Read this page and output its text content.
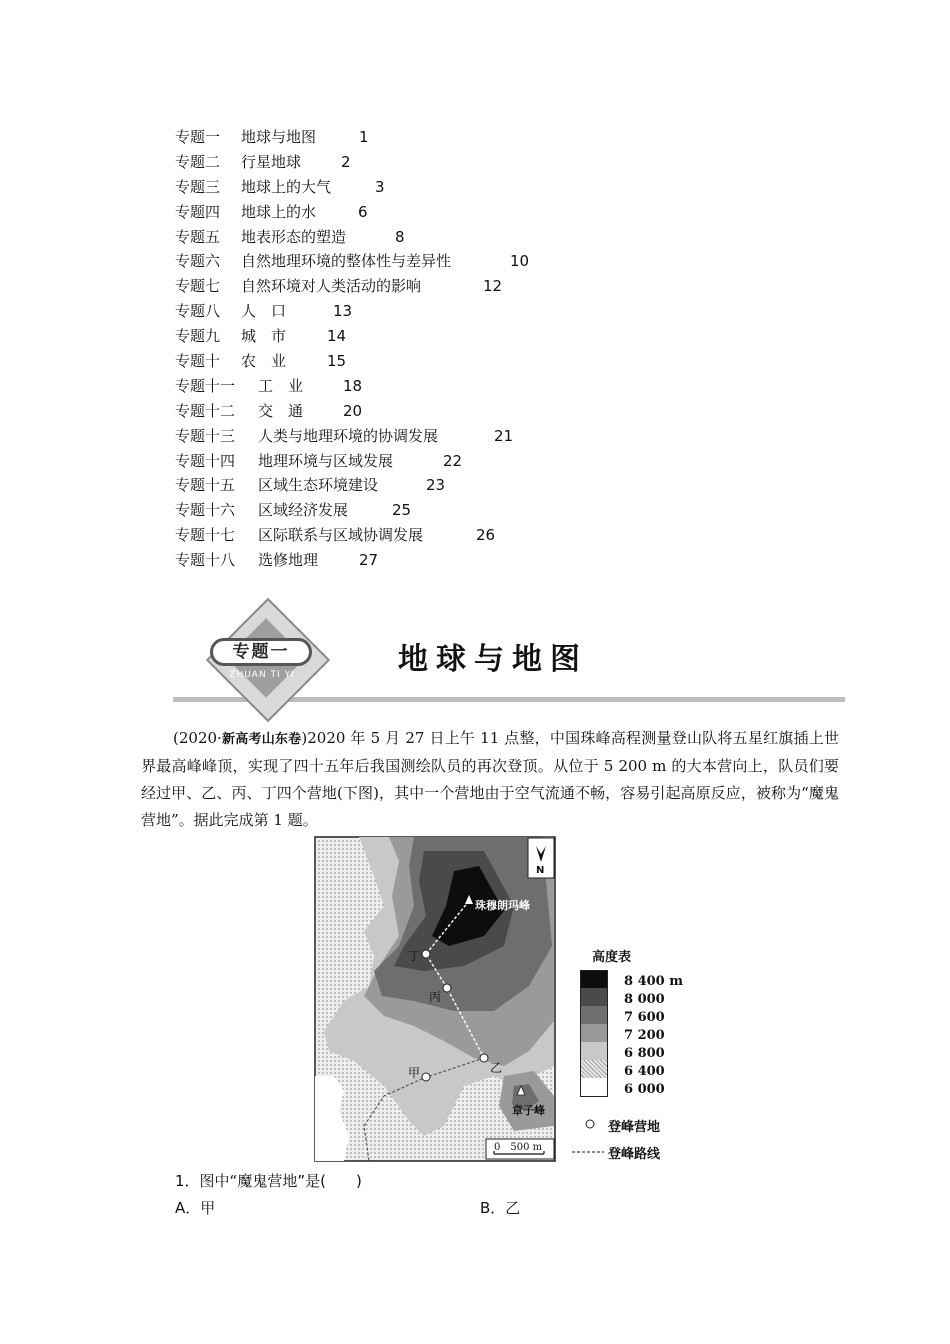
专题一 地球与地图	1
专题二 行星地球	2
专题三 地球上的大气	3
专题四 地球上的水	6
专题五 地表形态的塑造	8
专题六 自然地理环境的整体性与差异性	10
专题七 自然环境对人类活动的影响	12
专题八 人　口	13
专题九 城　市	14
专题十 农　业	15
专题十一 工　业	18
专题十二 交　通	20
专题十三 人类与地理环境的协调发展	21
专题十四 地理环境与区域发展	22
专题十五 区域生态环境建设	23
专题十六 区域经济发展	25
专题十七 区际联系与区域协调发展	26
专题十八 选修地理	27
专题一
ZHUAN TI YI	地球与地图
(2020·新高考山东卷)2020 年 5 月 27 日上午 11 点整，中国珠峰高程测量登山队将五星红旗插上世界最高峰峰顶，实现了四十五年后我国测绘队员的再次登顶。从位于 5 200 m 的大本营向上，队员们要经过甲、乙、丙、丁四个营地(下图)，其中一个营地由于空气流通不畅，容易引起高原反应，被称为“魔鬼营地”。据此完成第 1 题。
珠穆朗玛峰
章子峰
丁
丙
乙
甲
N
0　500 m
高度表
8 400 m
8 000
7 600
7 200
6 800
6 400
6 000
登峰营地
登峰路线
1．图中“魔鬼营地”是(　　)
A．甲	B．乙
